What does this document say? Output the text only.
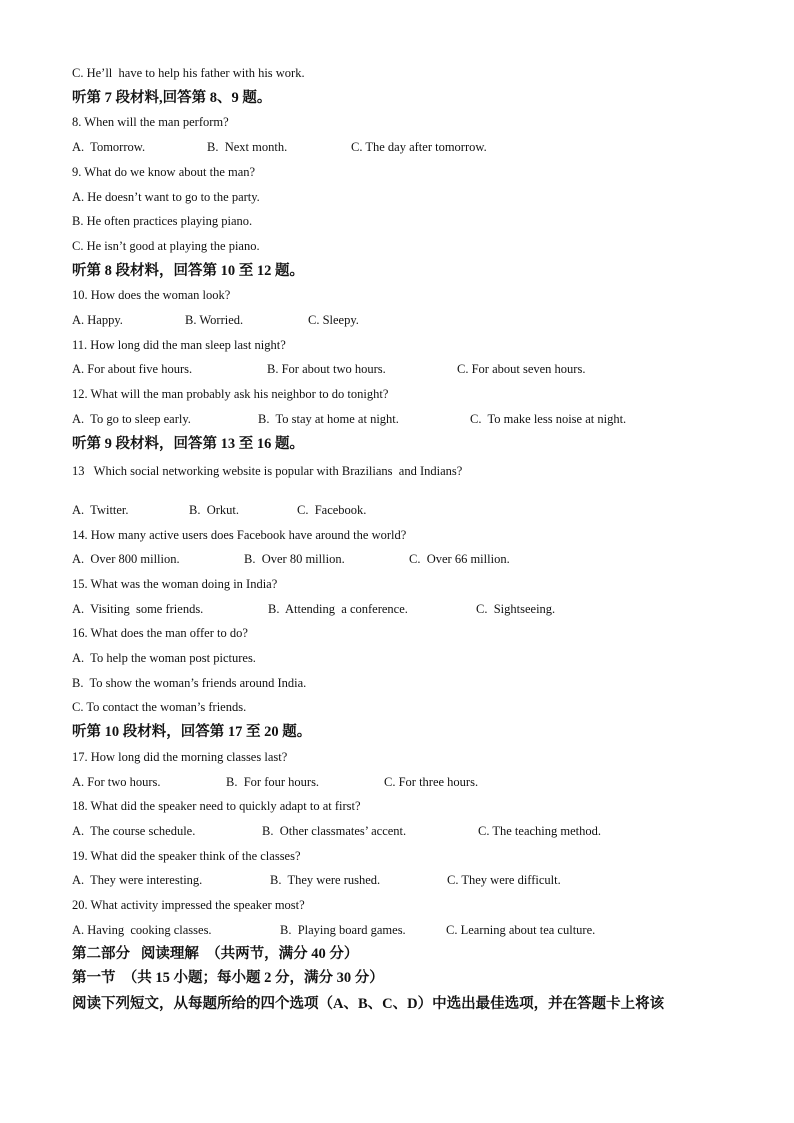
C. He’ll  have to help his father with his work.
听第 7 段材料,回答第 8、9 题。
8. When will the man perform?
A.  Tomorrow.	B.  Next month.	C. The day after tomorrow.
9. What do we know about the man?
A. He doesn’t want to go to the party.
B. He often practices playing piano.
C. He isn’t good at playing the piano.
听第 8 段材料，回答第 10 至 12 题。
10. How does the woman look?
A. Happy.	B. Worried.	C. Sleepy.
11. How long did the man sleep last night?
A. For about five hours.	B. For about two hours.	C. For about seven hours.
12. What will the man probably ask his neighbor to do tonight?
A.  To go to sleep early.	B.  To stay at home at night.	C.  To make less noise at night.
听第 9 段材料，回答第 13 至 16 题。
13   Which social networking website is popular with Brazilians  and Indians?
A.  Twitter.	B.  Orkut.	C.  Facebook.
14. How many active users does Facebook have around the world?
A.  Over 800 million.	B.  Over 80 million.	C.  Over 66 million.
15. What was the woman doing in India?
A.  Visiting  some friends.	B.  Attending  a conference.	C.  Sightseeing.
16. What does the man offer to do?
A.  To help the woman post pictures.
B.  To show the woman’s friends around India.
C. To contact the woman’s friends.
听第 10 段材料，回答第 17 至 20 题。
17. How long did the morning classes last?
A. For two hours.	B.  For four hours.	C. For three hours.
18. What did the speaker need to quickly adapt to at first?
A.  The course schedule.	B.  Other classmates’ accent.	C. The teaching method.
19. What did the speaker think of the classes?
A.  They were interesting.	B.  They were rushed.	C. They were difficult.
20. What activity impressed the speaker most?
A. Having  cooking classes.	B.  Playing board games.	C. Learning about tea culture.
第二部分   阅读理解  （共两节，满分 40 分）
第一节  （共 15 小题；每小题 2 分，满分 30 分）
阅读下列短文，从每题所给的四个选项（A、B、C、D）中选出最佳选项，并在答题卡上将该
